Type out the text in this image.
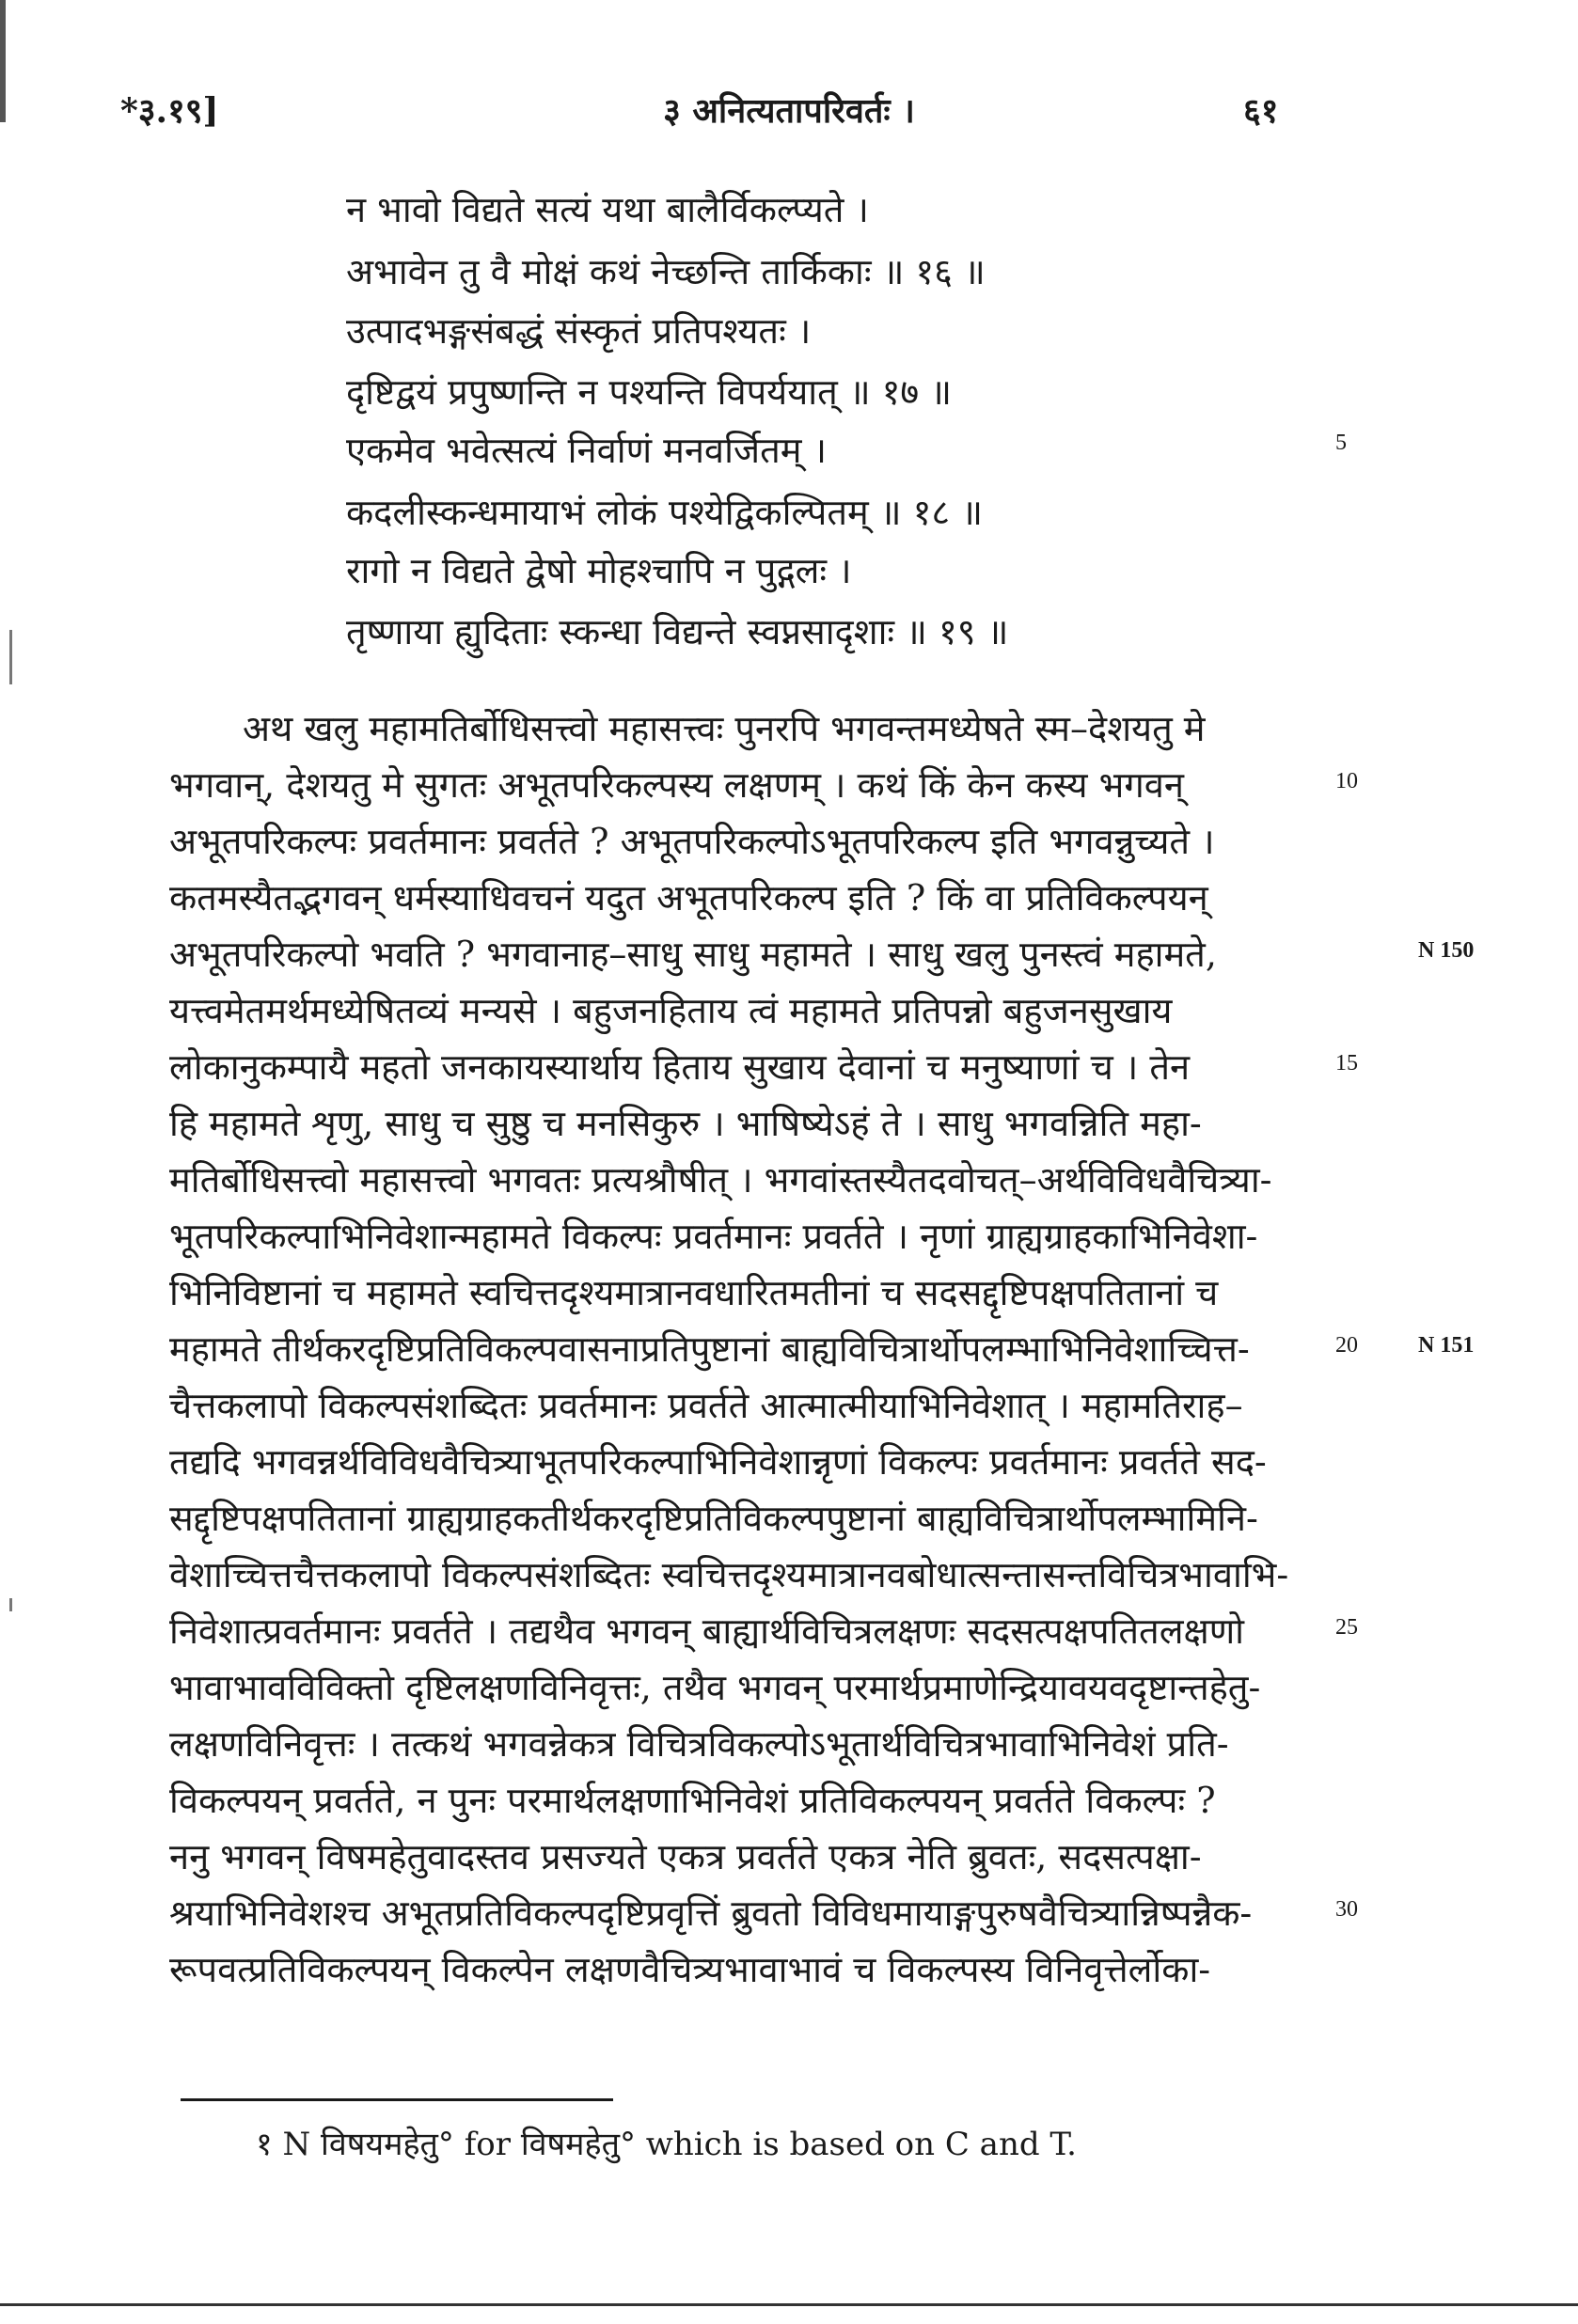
*३.१९]	३ अनित्यतापरिवर्तः ।	६१
न भावो विद्यते सत्यं यथा बालैर्विकल्प्यते ।
अभावेन तु वै मोक्षं कथं नेच्छन्ति तार्किकाः ॥ १६ ॥
उत्पादभङ्गसंबद्धं संस्कृतं प्रतिपश्यतः ।
दृष्टिद्वयं प्रपुष्णन्ति न पश्यन्ति विपर्ययात् ॥ १७ ॥
एकमेव भवेत्सत्यं निर्वाणं मनवर्जितम् ।
कदलीस्कन्धमायाभं लोकं पश्येद्विकल्पितम् ॥ १८ ॥
रागो न विद्यते द्वेषो मोहश्चापि न पुद्गलः ।
तृष्णाया ह्युदिताः स्कन्धा विद्यन्ते स्वप्नसादृशाः ॥ १९ ॥
अथ खलु महामतिर्बोधिसत्त्वो महासत्त्वः पुनरपि भगवन्तमध्येषते स्म–देशयतु मे
भगवान्, देशयतु मे सुगतः अभूतपरिकल्पस्य लक्षणम् । कथं किं केन कस्य भगवन्
अभूतपरिकल्पः प्रवर्तमानः प्रवर्तते ? अभूतपरिकल्पोऽभूतपरिकल्प इति भगवन्नुच्यते ।
कतमस्यैतद्भगवन् धर्मस्याधिवचनं यदुत अभूतपरिकल्प इति ? किं वा प्रतिविकल्पयन्
अभूतपरिकल्पो भवति ? भगवानाह–साधु साधु महामते । साधु खलु पुनस्त्वं महामते,
यत्त्वमेतमर्थमध्येषितव्यं मन्यसे । बहुजनहिताय त्वं महामते प्रतिपन्नो बहुजनसुखाय
लोकानुकम्पायै महतो जनकायस्यार्थाय हिताय सुखाय देवानां च मनुष्याणां च । तेन
हि महामते शृणु, साधु च सुष्ठु च मनसिकुरु । भाषिष्येऽहं ते । साधु भगवन्निति महा-
मतिर्बोधिसत्त्वो महासत्त्वो भगवतः प्रत्यश्रौषीत् । भगवांस्तस्यैतदवोचत्–अर्थविविधवैचित्र्या-
भूतपरिकल्पाभिनिवेशान्महामते विकल्पः प्रवर्तमानः प्रवर्तते । नृणां ग्राह्यग्राहकाभिनिवेशा-
भिनिविष्टानां च महामते स्वचित्तदृश्यमात्रानवधारितमतीनां च सदसद्दृष्टिपक्षपतितानां च
महामते तीर्थकरदृष्टिप्रतिविकल्पवासनाप्रतिपुष्टानां बाह्यविचित्रार्थोपलम्भाभिनिवेशाच्चित्त-
चैत्तकलापो विकल्पसंशब्दितः प्रवर्तमानः प्रवर्तते आत्मात्मीयाभिनिवेशात् । महामतिराह–
तद्यदि भगवन्नर्थविविधवैचित्र्याभूतपरिकल्पाभिनिवेशान्नृणां विकल्पः प्रवर्तमानः प्रवर्तते सद-
सद्दृष्टिपक्षपतितानां ग्राह्यग्राहकतीर्थकरदृष्टिप्रतिविकल्पपुष्टानां बाह्यविचित्रार्थोपलम्भामिनि-
वेशाच्चित्तचैत्तकलापो विकल्पसंशब्दितः स्वचित्तदृश्यमात्रानवबोधात्सन्तासन्तविचित्रभावाभि-
निवेशात्प्रवर्तमानः प्रवर्तते । तद्यथैव भगवन् बाह्यार्थविचित्रलक्षणः सदसत्पक्षपतितलक्षणो
भावाभावविविक्तो दृष्टिलक्षणविनिवृत्तः, तथैव भगवन् परमार्थप्रमाणेन्द्रियावयवदृष्टान्तहेतु-
लक्षणविनिवृत्तः । तत्कथं भगवन्नेकत्र विचित्रविकल्पोऽभूतार्थविचित्रभावाभिनिवेशं प्रति-
विकल्पयन् प्रवर्तते, न पुनः परमार्थलक्षणाभिनिवेशं प्रतिविकल्पयन् प्रवर्तते विकल्पः ?
ननु भगवन् विषमहेतुवादस्तव प्रसज्यते एकत्र प्रवर्तते एकत्र नेति ब्रुवतः, सदसत्पक्षा-
श्रयाभिनिवेशश्च अभूतप्रतिविकल्पदृष्टिप्रवृत्तिं ब्रुवतो विविधमायाङ्गपुरुषवैचित्र्यान्निष्पन्नैक-
रूपवत्प्रतिविकल्पयन् विकल्पेन लक्षणवैचित्र्यभावाभावं च विकल्पस्य विनिवृत्तेर्लोका-
5
10
15
20
25
30
N 150
N 151
१ N विषयमहेतु° for विषमहेतु° which is based on C and T.
